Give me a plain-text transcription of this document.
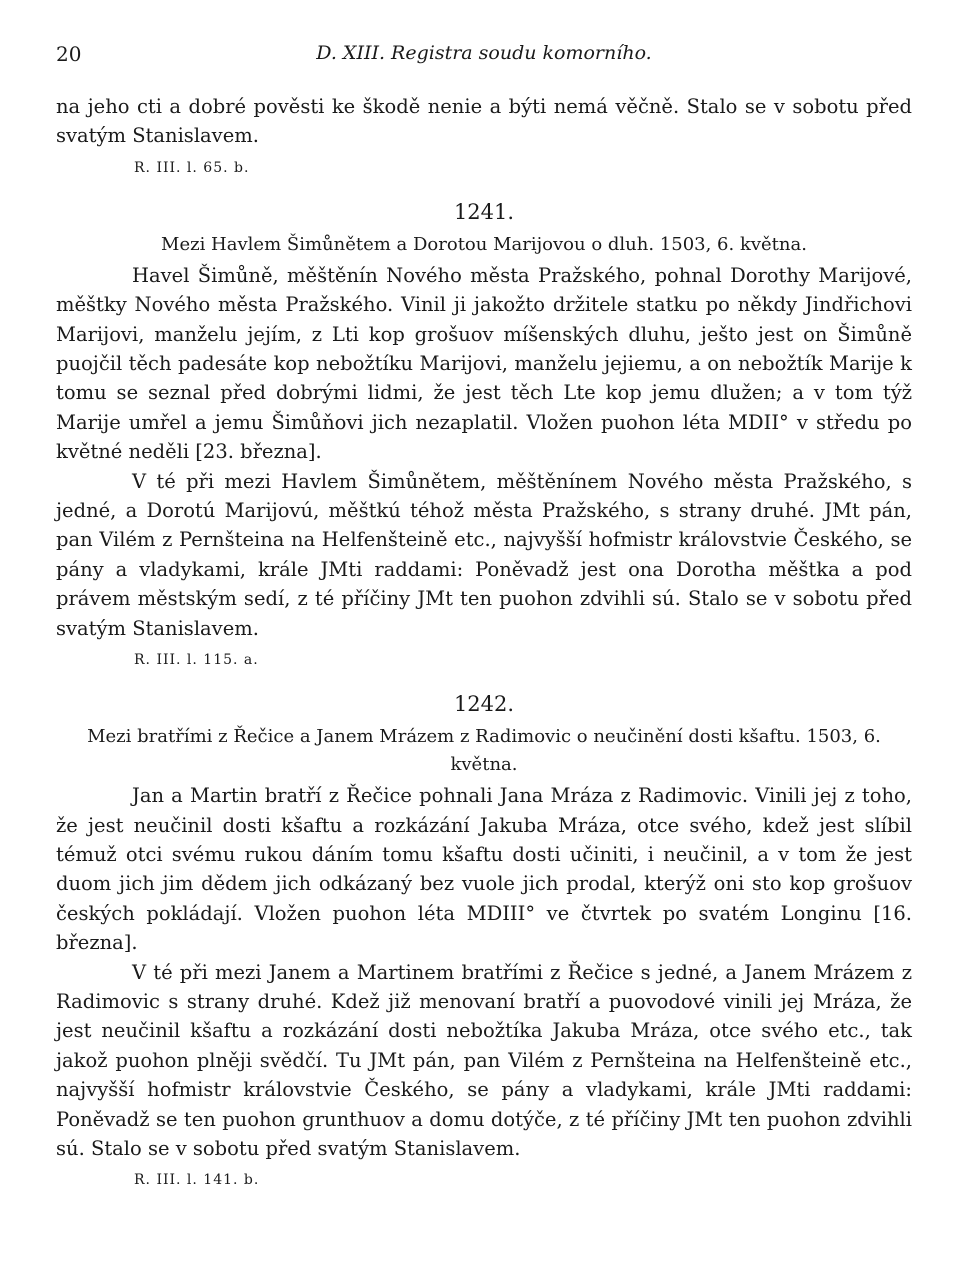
20	D. XIII. Registra soudu komorního.

na jeho cti a dobré pověsti ke škodě nenie a býti nemá věčně. Stalo se v sobotu před svatým Stanislavem.

R. III. l. 65. b.
1241.
Mezi Havlem Šimůnětem a Dorotou Marijovou o dluh. 1503, 6. května.

Havel Šimůně, měštěnín Nového města Pražského, pohnal Dorothy Marijové, měštky Nového města Pražského. Vinil ji jakožto držitele statku po někdy Jindřichovi Marijovi, manželu jejím, z Lti kop grošuov míšenských dluhu, ješto jest on Šimůně puojčil těch padesáte kop nebožtíku Marijovi, manželu jejiemu, a on nebožtík Marije k tomu se seznal před dobrými lidmi, že jest těch Lte kop jemu dlužen; a v tom týž Marije umřel a jemu Šimůňovi jich nezaplatil. Vložen puohon léta MDII° v středu po květné neděli [23. března].

V té při mezi Havlem Šimůnětem, měštěnínem Nového města Pražského, s jedné, a Dorotú Marijovú, měštkú téhož města Pražského, s strany druhé. JMt pán, pan Vilém z Pernšteina na Helfenšteině etc., najvyšší hofmistr královstvie Českého, se pány a vladykami, krále JMti raddami: Poněvadž jest ona Dorotha měštka a pod právem městským sedí, z té příčiny JMt ten puohon zdvihli sú. Stalo se v sobotu před svatým Stanislavem.

R. III. l. 115. a.
1242.
Mezi bratřími z Řečice a Janem Mrázem z Radimovic o neučinění dosti kšaftu. 1503, 6. května.

Jan a Martin bratří z Řečice pohnali Jana Mráza z Radimovic. Vinili jej z toho, že jest neučinil dosti kšaftu a rozkázání Jakuba Mráza, otce svého, kdež jest slíbil témuž otci svému rukou dáním tomu kšaftu dosti učiniti, i neučinil, a v tom že jest duom jich jim dědem jich odkázaný bez vuole jich prodal, kterýž oni sto kop grošuov českých pokládají. Vložen puohon léta MDIII° ve čtvrtek po svatém Longinu [16. března].

V té při mezi Janem a Martinem bratřími z Řečice s jedné, a Janem Mrázem z Radimovic s strany druhé. Kdež již menovaní bratří a puovodové vinili jej Mráza, že jest neučinil kšaftu a rozkázání dosti nebožtíka Jakuba Mráza, otce svého etc., tak jakož puohon plněji svědčí. Tu JMt pán, pan Vilém z Pernšteina na Helfenšteině etc., najvyšší hofmistr královstvie Českého, se pány a vladykami, krále JMti raddami: Poněvadž se ten puohon grunthuov a domu dotýče, z té příčiny JMt ten puohon zdvihli sú. Stalo se v sobotu před svatým Stanislavem.

R. III. l. 141. b.
